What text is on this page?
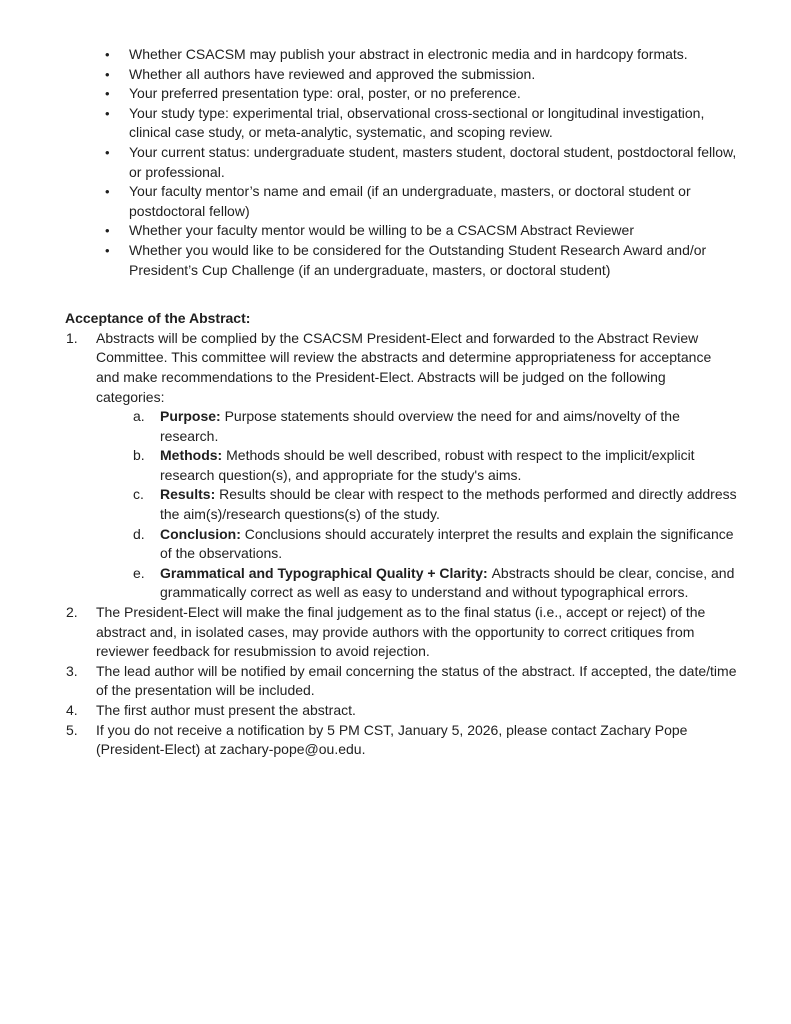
• Whether CSACSM may publish your abstract in electronic media and in hardcopy formats.
• Whether all authors have reviewed and approved the submission.
• Your preferred presentation type: oral, poster, or no preference.
• Your study type: experimental trial, observational cross-sectional or longitudinal investigation, clinical case study, or meta-analytic, systematic, and scoping review.
• Your current status: undergraduate student, masters student, doctoral student, postdoctoral fellow, or professional.
• Your faculty mentor’s name and email (if an undergraduate, masters, or doctoral student or postdoctoral fellow)
• Whether your faculty mentor would be willing to be a CSACSM Abstract Reviewer
• Whether you would like to be considered for the Outstanding Student Research Award and/or President’s Cup Challenge (if an undergraduate, masters, or doctoral student)

Acceptance of the Abstract:

1. Abstracts will be complied by the CSACSM President-Elect and forwarded to the Abstract Review Committee. This committee will review the abstracts and determine appropriateness for acceptance and make recommendations to the President-Elect. Abstracts will be judged on the following categories:
a. Purpose: Purpose statements should overview the need for and aims/novelty of the research.
b. Methods: Methods should be well described, robust with respect to the implicit/explicit research question(s), and appropriate for the study's aims.
c. Results: Results should be clear with respect to the methods performed and directly address the aim(s)/research questions(s) of the study.
d. Conclusion: Conclusions should accurately interpret the results and explain the significance of the observations.
e. Grammatical and Typographical Quality + Clarity: Abstracts should be clear, concise, and grammatically correct as well as easy to understand and without typographical errors.
2. The President-Elect will make the final judgement as to the final status (i.e., accept or reject) of the abstract and, in isolated cases, may provide authors with the opportunity to correct critiques from reviewer feedback for resubmission to avoid rejection.
3. The lead author will be notified by email concerning the status of the abstract. If accepted, the date/time of the presentation will be included.
4. The first author must present the abstract.
5. If you do not receive a notification by 5 PM CST, January 5, 2026, please contact Zachary Pope (President-Elect) at zachary-pope@ou.edu.
